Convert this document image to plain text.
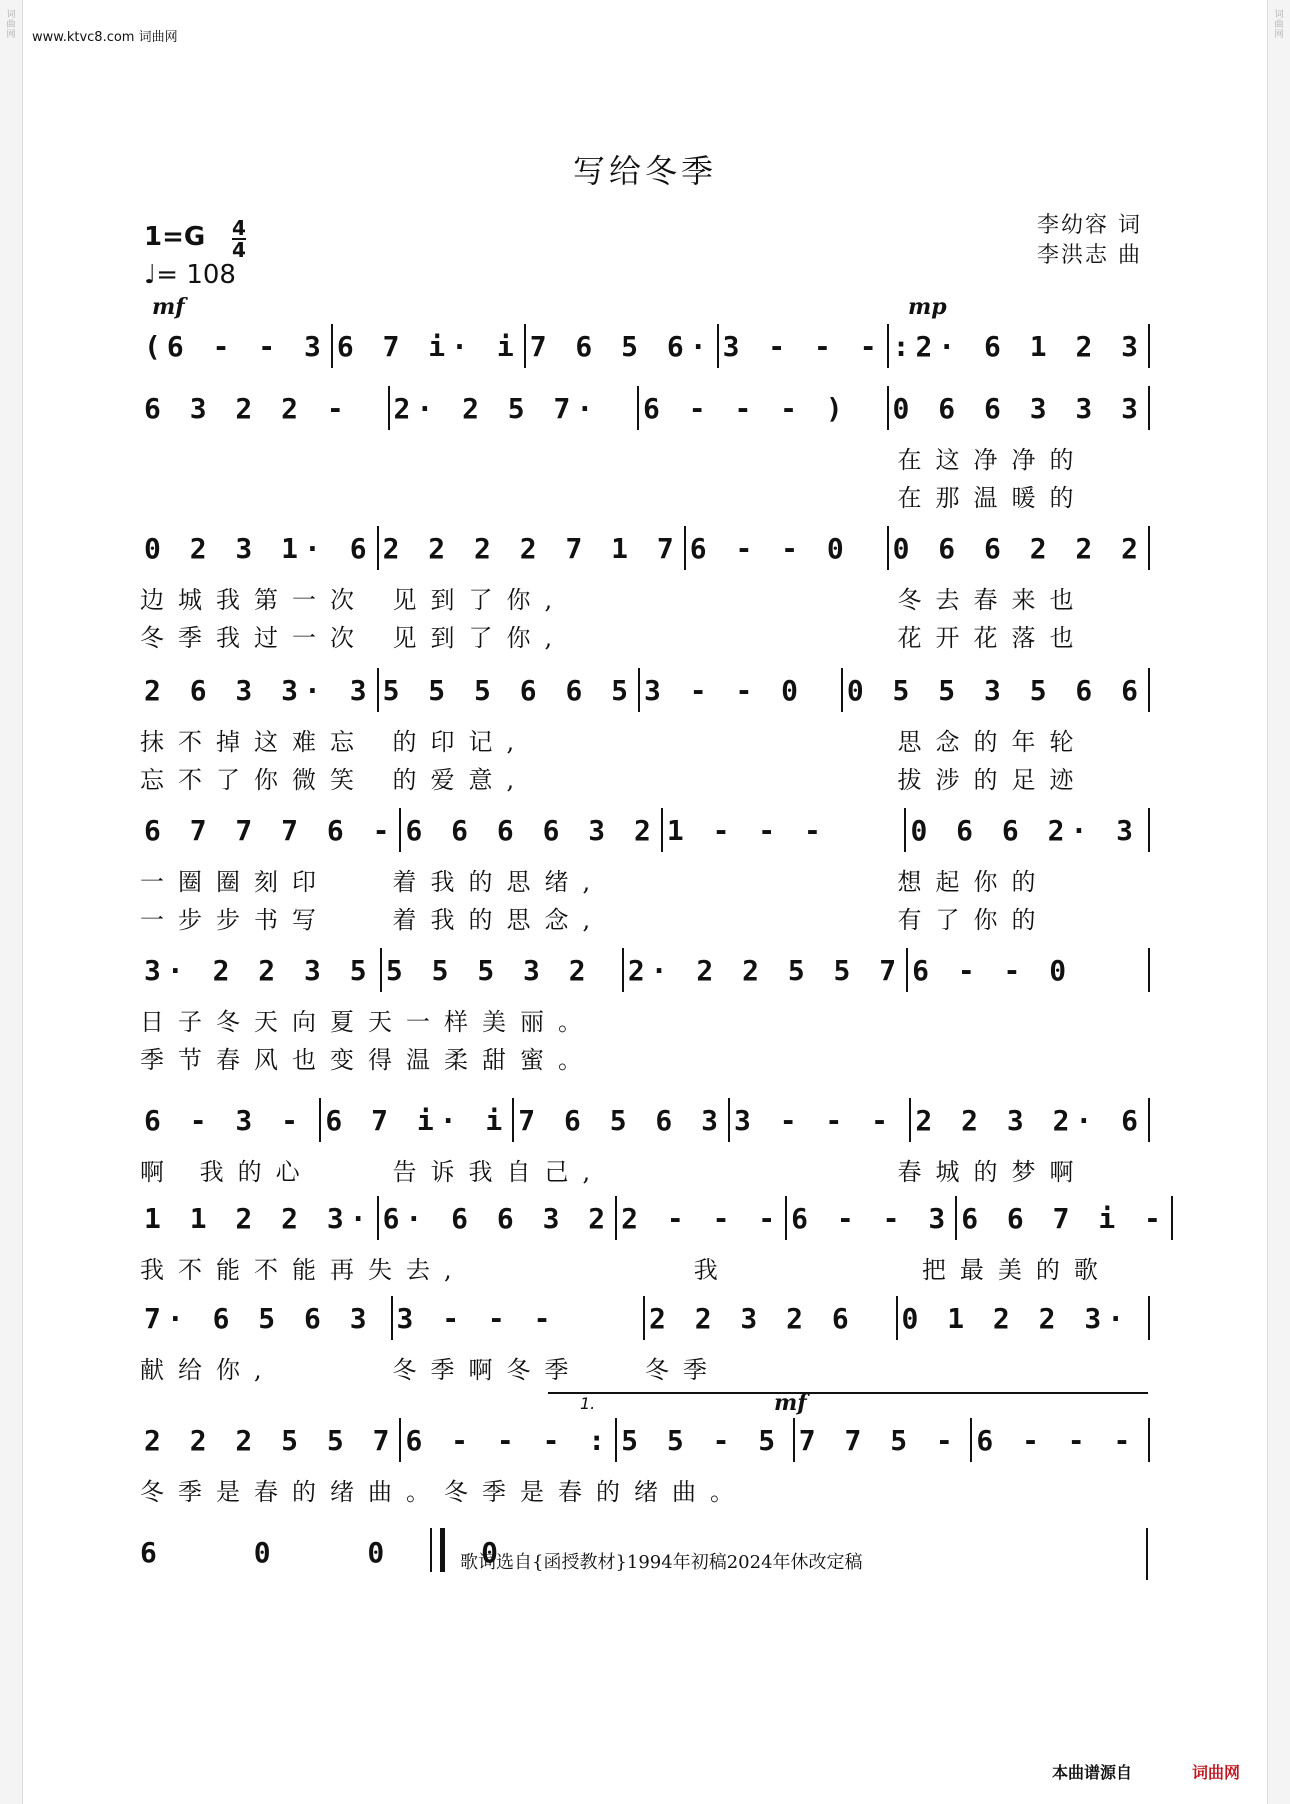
词
曲
网
词
曲
网
www.ktvc8.com 词曲网
写给冬季
李幼容 词
李洪志 曲
1=G 4
4
♩= 108
mf	mp
(6 - - 3 6 7 i· i 7 6 5 6· 3 - - - :2· 6 1 2 3
6 3 2 2 -	2· 2 5 7·	6 - - - )	0 6 6 3 3 3
在这净净的
在那温暖的
0 2 3 1· 6 2 2 2 2 7 1 7 6 - - 0	0 6 6 2 2 2
边城我第一次	见到了你,	冬去春来也
冬季我过一次	见到了你,	花开花落也
2 6 3 3· 3 5 5 5 6 6 5 3 - - 0	0 5 5 3 5 6 6
抹不掉这难忘	的印记,	思念的年轮
忘不了你微笑	的爱意,	拔涉的足迹
6 7 7 7 6 - 6 6 6 6 3 2 1 - - -	0 6 6 2· 3
一圈圈刻印	着我的思绪,	想起你的
一步步书写	着我的思念,	有了你的
3· 2 2 3 5 5 5 5 3 2	2· 2 2 5 5 7 6 - - 0
日子冬天向夏天 一样美丽。
季节春风也变得 温柔甜蜜。
6 - 3 - 6 7 i· i 7 6 5 6 3 3 - - - 2 2 3 2· 6
啊 我的心	告诉我自己,	春城的梦啊
1 1 2 2 3· 6· 6 6 3 2 2 - - - 6 - - 3 6 6 7 i -
我不能不能再失去,	我	把最美的歌
7· 6 5 6 3 3 - - -	2 2 3 2 6	0 1 2 2 3·
献给你,	冬季啊冬季	冬季
1.	mf
2 2 2 5 5 7 6 - - - : 5 5 - 5 7 7 5 - 6 - - -
冬季是春的绪曲。 冬季是春的绪曲。
6 0 0 0
歌词选自{函授教材}1994年初稿2024年休改定稿
本曲谱源自	词曲网
